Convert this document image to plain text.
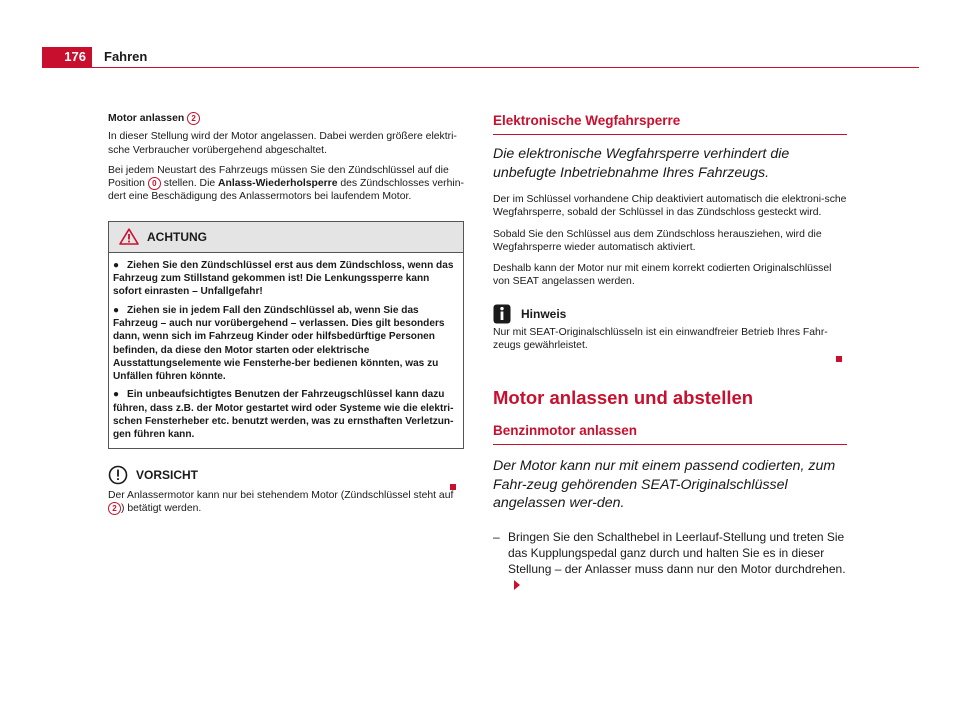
176	Fahren

Motor anlassen 2

In dieser Stellung wird der Motor angelassen. Dabei werden größere elektri-sche Verbraucher vorübergehend abgeschaltet.

Bei jedem Neustart des Fahrzeugs müssen Sie den Zündschlüssel auf die Position 0 stellen. Die Anlass-Wiederholsperre des Zündschlosses verhin-dert eine Beschädigung des Anlassermotors bei laufendem Motor.

ACHTUNG

● Ziehen Sie den Zündschlüssel erst aus dem Zündschloss, wenn das Fahrzeug zum Stillstand gekommen ist! Die Lenkungssperre kann sofort einrasten – Unfallgefahr!

● Ziehen sie in jedem Fall den Zündschlüssel ab, wenn Sie das Fahrzeug – auch nur vorübergehend – verlassen. Dies gilt besonders dann, wenn sich im Fahrzeug Kinder oder hilfsbedürftige Personen befinden, da diese den Motor starten oder elektrische Ausstattungselemente wie Fensterhe-ber bedienen könnten, was zu Unfällen führen könnte.

● Ein unbeaufsichtigtes Benutzen der Fahrzeugschlüssel kann dazu führen, dass z.B. der Motor gestartet wird oder Systeme wie die elektri-schen Fensterheber etc. benutzt werden, was zu ernsthaften Verletzun-gen führen kann.

VORSICHT

Der Anlassermotor kann nur bei stehendem Motor (Zündschlüssel steht auf 2 ) betätigt werden.

Elektronische Wegfahrsperre

Die elektronische Wegfahrsperre verhindert die unbefugte Inbetriebnahme Ihres Fahrzeugs.

Der im Schlüssel vorhandene Chip deaktiviert automatisch die elektroni-sche Wegfahrsperre, sobald der Schlüssel in das Zündschloss gesteckt wird.

Sobald Sie den Schlüssel aus dem Zündschloss herausziehen, wird die Wegfahrsperre wieder automatisch aktiviert.

Deshalb kann der Motor nur mit einem korrekt codierten Originalschlüssel von SEAT angelassen werden.

Hinweis

Nur mit SEAT-Originalschlüsseln ist ein einwandfreier Betrieb Ihres Fahr-zeugs gewährleistet.

Motor anlassen und abstellen
Benzinmotor anlassen

Der Motor kann nur mit einem passend codierten, zum Fahr-zeug gehörenden SEAT-Originalschlüssel angelassen wer-den.

– Bringen Sie den Schalthebel in Leerlauf-Stellung und treten Sie das Kupplungspedal ganz durch und halten Sie es in dieser Stellung – der Anlasser muss dann nur den Motor durchdrehen.
